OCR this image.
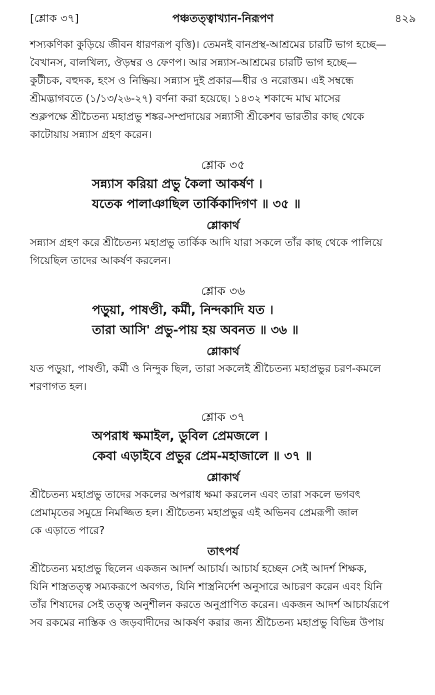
[শ্লোক ৩৭]	পঞ্চতত্ত্বাখ্যান-নিরূপণ	৪২৯

শস্যকণিকা কুড়িয়ে জীবন ধারণরূপ বৃত্তি)। তেমনই বানপ্রস্থ-আশ্রমের চারটি ভাগ হচ্ছে—

বৈখানস, বালখিল্য, ঔড়ম্বর ও ফেণপ। আর সন্ন্যাস-আশ্রমের চারটি ভাগ হচ্ছে—

কুটীচক, বহুদক, হংস ও নিষ্ক্রিয়। সন্ন্যাস দুই প্রকার—ধীর ও নরোত্তম। এই সম্বন্ধে

শ্রীমদ্ভাগবতে (১/১৩/২৬-২৭) বর্ণনা করা হয়েছে। ১৪৩২ শকাব্দে মাঘ মাসের

শুক্লপক্ষে শ্রীচৈতন্য মহাপ্রভু শঙ্কর-সম্প্রদায়ের সন্ন্যাসী শ্রীকেশব ভারতীর কাছ থেকে

কাটোয়ায় সন্ন্যাস গ্রহণ করেন।

শ্লোক ৩৫
সন্ন্যাস করিয়া প্রভু কৈলা আকর্ষণ ।
যতেক পালাঞাছিল তার্কিকাদিগণ ॥ ৩৫ ॥
শ্লোকার্থ

সন্ন্যাস গ্রহণ করে শ্রীচৈতন্য মহাপ্রভু তার্কিক আদি যারা সকলে তাঁর কাছ থেকে পালিয়ে

গিয়েছিল তাদের আকর্ষণ করলেন।

শ্লোক ৩৬
পড়ুয়া, পাষণ্ডী, কর্মী, নিন্দকাদি যত ।
তারা আসি' প্রভু-পায় হয় অবনত ॥ ৩৬ ॥
শ্লোকার্থ

যত পড়ুয়া, পাষণ্ডী, কর্মী ও নিন্দুক ছিল, তারা সকলেই শ্রীচৈতন্য মহাপ্রভুর চরণ-কমলে

শরণাগত হল।

শ্লোক ৩৭
অপরাধ ক্ষমাইল, ডুবিল প্রেমজলে ।
কেবা এড়াইবে প্রভুর প্রেম-মহাজালে ॥ ৩৭ ॥
শ্লোকার্থ

শ্রীচৈতন্য মহাপ্রভু তাদের সকলের অপরাধ ক্ষমা করলেন এবং তারা সকলে ভগবৎ

প্রেমামৃতের সমুদ্রে নিমজ্জিত হল। শ্রীচৈতন্য মহাপ্রভুর এই অভিনব প্রেমরূপী জাল

কে এড়াতে পারে?

তাৎপর্য

শ্রীচৈতন্য মহাপ্রভু ছিলেন একজন আদর্শ আচার্য। আচার্য হচ্ছেন সেই আদর্শ শিক্ষক,

যিনি শাস্ত্রতত্ত্ব সম্যকরূপে অবগত, যিনি শাস্ত্রনির্দেশ অনুসারে আচরণ করেন এবং যিনি

তাঁর শিষ্যদের সেই তত্ত্ব অনুশীলন করতে অনুপ্রাণিত করেন। একজন আদর্শ আচার্যরূপে

সব রকমের নাস্তিক ও জড়বাদীদের আকর্ষণ করার জন্য শ্রীচৈতন্য মহাপ্রভু বিভিন্ন উপায়
